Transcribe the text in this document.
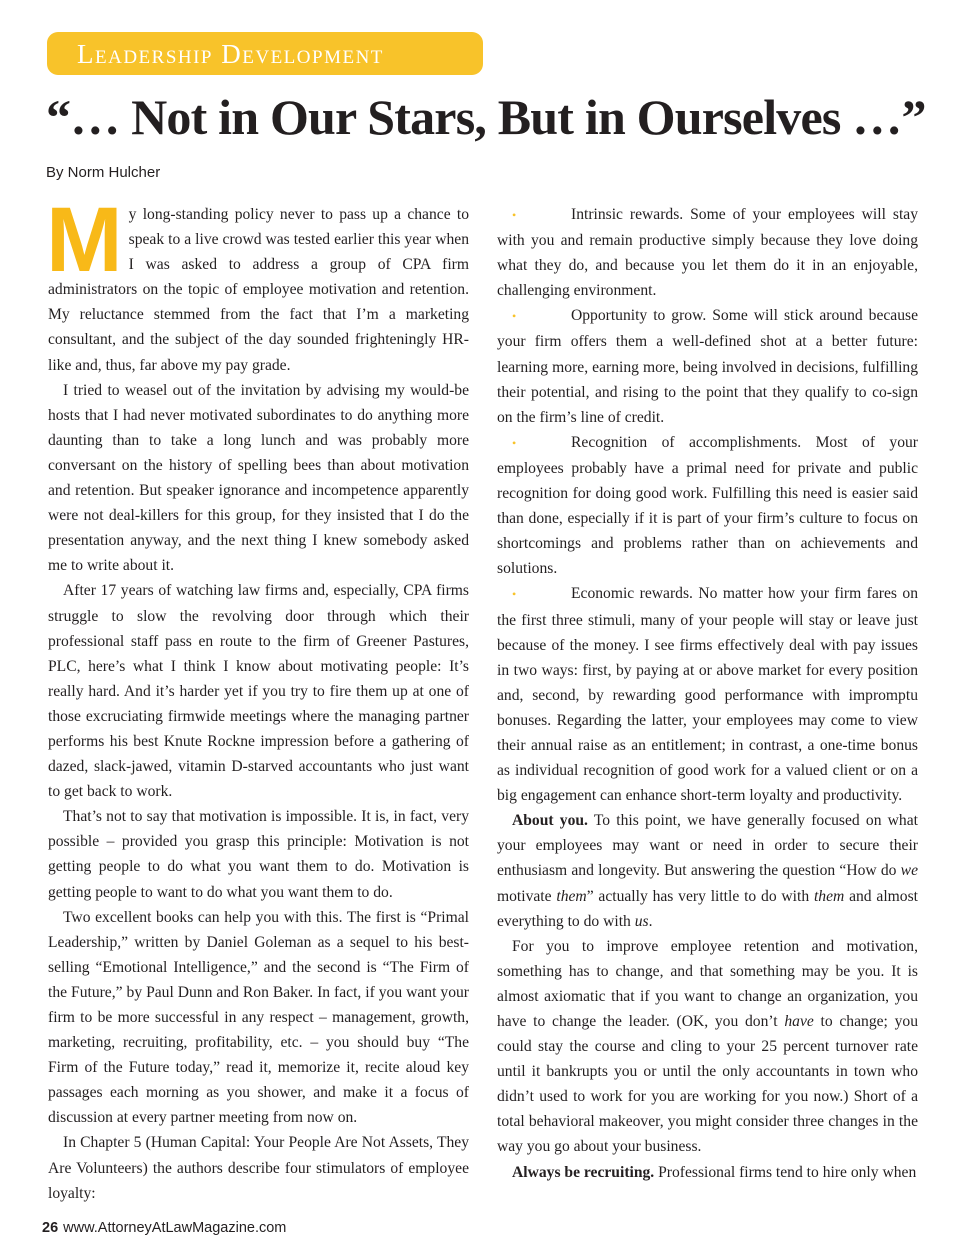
Leadership Development
“… Not in Our Stars, But in Ourselves …”
By Norm Hulcher

My long-standing policy never to pass up a chance to speak to a live crowd was tested earlier this year when I was asked to address a group of CPA firm administrators on the topic of employee motivation and retention. My reluctance stemmed from the fact that I’m a marketing consultant, and the subject of the day sounded frighteningly HR-like and, thus, far above my pay grade.

I tried to weasel out of the invitation by advising my would-be hosts that I had never motivated subordinates to do anything more daunting than to take a long lunch and was probably more conversant on the history of spelling bees than about motivation and retention. But speaker ignorance and incompetence apparently were not deal-killers for this group, for they insisted that I do the presentation anyway, and the next thing I knew somebody asked me to write about it.

After 17 years of watching law firms and, especially, CPA firms struggle to slow the revolving door through which their professional staff pass en route to the firm of Greener Pastures, PLC, here’s what I think I know about motivating people: It’s really hard. And it’s harder yet if you try to fire them up at one of those excruciating firmwide meetings where the managing partner performs his best Knute Rockne impression before a gathering of dazed, slack-jawed, vitamin D-starved accountants who just want to get back to work.

That’s not to say that motivation is impossible. It is, in fact, very possible – provided you grasp this principle: Motivation is not getting people to do what you want them to do. Motivation is getting people to want to do what you want them to do.

Two excellent books can help you with this. The first is “Primal Leadership,” written by Daniel Goleman as a sequel to his best-selling “Emotional Intelligence,” and the second is “The Firm of the Future,” by Paul Dunn and Ron Baker. In fact, if you want your firm to be more successful in any respect – management, growth, marketing, recruiting, profitability, etc. – you should buy “The Firm of the Future today,” read it, memorize it, recite aloud key passages each morning as you shower, and make it a focus of discussion at every partner meeting from now on.

In Chapter 5 (Human Capital: Your People Are Not Assets, They Are Volunteers) the authors describe four stimulators of employee loyalty:

•	Intrinsic rewards. Some of your employees will stay with you and remain productive simply because they love doing what they do, and because you let them do it in an enjoyable, challenging environment.

•	Opportunity to grow. Some will stick around because your firm offers them a well-defined shot at a better future: learning more, earning more, being involved in decisions, fulfilling their potential, and rising to the point that they qualify to co-sign on the firm’s line of credit.

•	Recognition of accomplishments. Most of your employees probably have a primal need for private and public recognition for doing good work. Fulfilling this need is easier said than done, especially if it is part of your firm’s culture to focus on shortcomings and problems rather than on achievements and solutions.

•	Economic rewards. No matter how your firm fares on the first three stimuli, many of your people will stay or leave just because of the money. I see firms effectively deal with pay issues in two ways: first, by paying at or above market for every position and, second, by rewarding good performance with impromptu bonuses. Regarding the latter, your employees may come to view their annual raise as an entitlement; in contrast, a one-time bonus as individual recognition of good work for a valued client or on a big engagement can enhance short-term loyalty and productivity.

About you. To this point, we have generally focused on what your employees may want or need in order to secure their enthusiasm and longevity. But answering the question “How do we motivate them” actually has very little to do with them and almost everything to do with us.

For you to improve employee retention and motivation, something has to change, and that something may be you. It is almost axiomatic that if you want to change an organization, you have to change the leader. (OK, you don’t have to change; you could stay the course and cling to your 25 percent turnover rate until it bankrupts you or until the only accountants in town who didn’t used to work for you are working for you now.) Short of a total behavioral makeover, you might consider three changes in the way you go about your business.

Always be recruiting. Professional firms tend to hire only when

26 www.AttorneyAtLawMagazine.com
